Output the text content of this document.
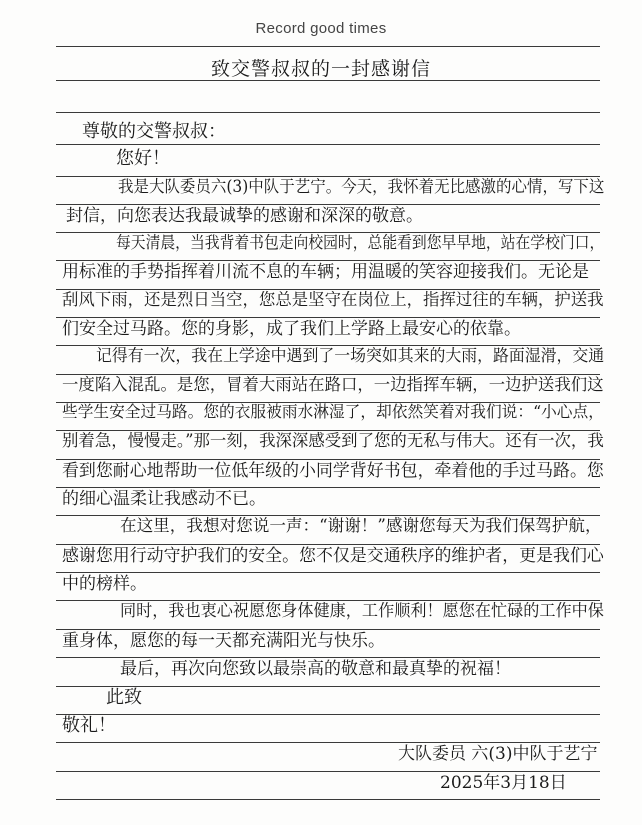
Record good times
致交警叔叔的一封感谢信
尊敬的交警叔叔：
您好！
我是大队委员六(3)中队于艺宁。今天，我怀着无比感激的心情，写下这
封信，向您表达我最诚挚的感谢和深深的敬意。
每天清晨，当我背着书包走向校园时，总能看到您早早地，站在学校门口，
用标准的手势指挥着川流不息的车辆；用温暖的笑容迎接我们。无论是
刮风下雨，还是烈日当空，您总是坚守在岗位上，指挥过往的车辆，护送我
们安全过马路。您的身影，成了我们上学路上最安心的依靠。
记得有一次，我在上学途中遇到了一场突如其来的大雨，路面湿滑，交通
一度陷入混乱。是您，冒着大雨站在路口，一边指挥车辆，一边护送我们这
些学生安全过马路。您的衣服被雨水淋湿了，却依然笑着对我们说：“小心点，
别着急，慢慢走。”那一刻，我深深感受到了您的无私与伟大。还有一次，我
看到您耐心地帮助一位低年级的小同学背好书包，牵着他的手过马路。您
的细心温柔让我感动不已。
在这里，我想对您说一声：“谢谢！”感谢您每天为我们保驾护航，
感谢您用行动守护我们的安全。您不仅是交通秩序的维护者，更是我们心
中的榜样。
同时，我也衷心祝愿您身体健康，工作顺利！愿您在忙碌的工作中保
重身体，愿您的每一天都充满阳光与快乐。
最后，再次向您致以最崇高的敬意和最真挚的祝福！
此致
敬礼！
大队委员 六(3)中队于艺宁
2025年3月18日
